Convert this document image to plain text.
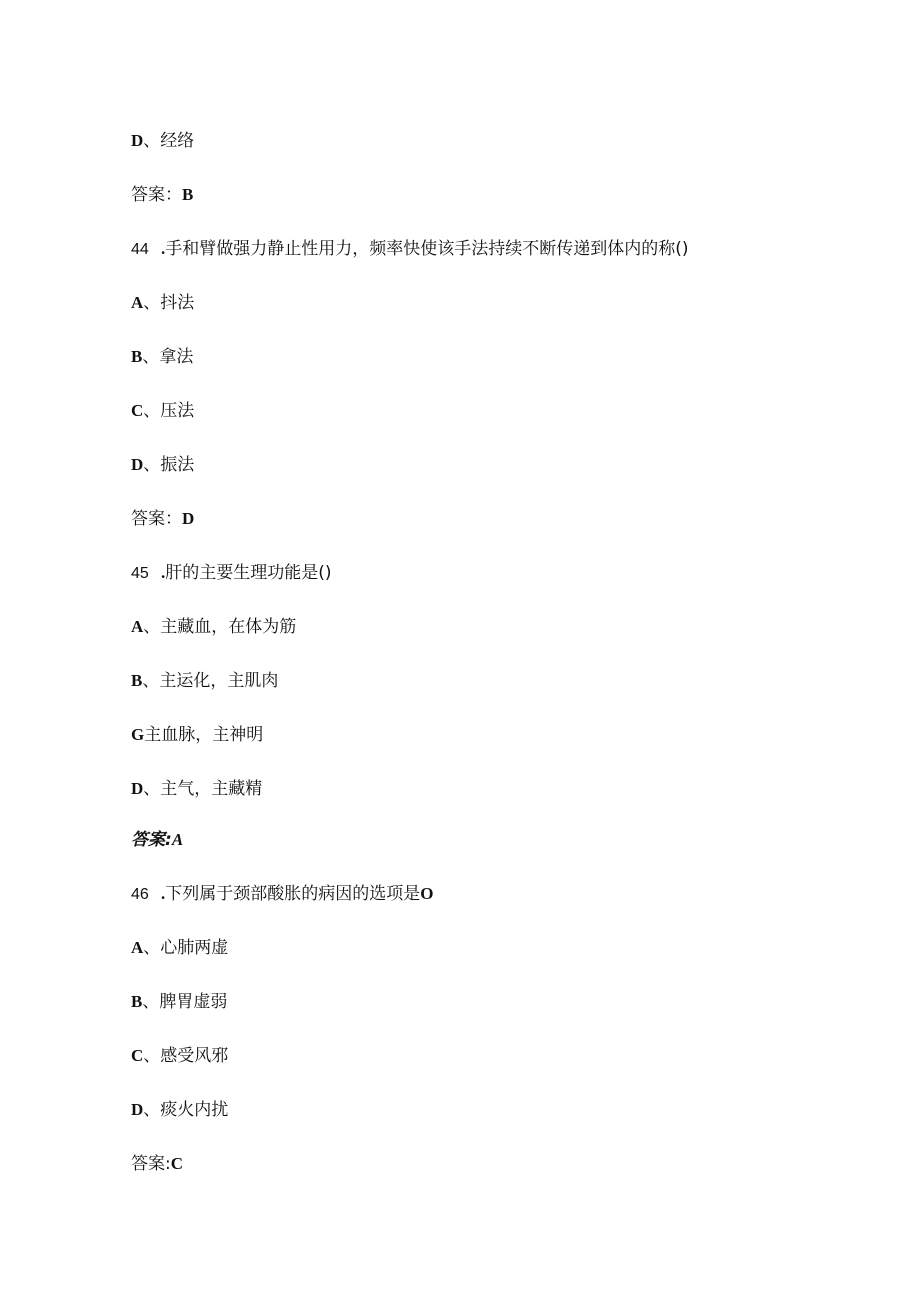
D、经络
答案：B
44 .手和臂做强力静止性用力，频率快使该手法持续不断传递到体内的称()
A、抖法
B、拿法
C、压法
D、振法
答案：D
45 .肝的主要生理功能是()
A、主藏血，在体为筋
B、主运化，主肌肉
G主血脉，主神明
D、主气，主藏精
答案:A
46 .下列属于颈部酸胀的病因的选项是O
A、心肺两虚
B、脾胃虚弱
C、感受风邪
D、痰火内扰
答案:C
